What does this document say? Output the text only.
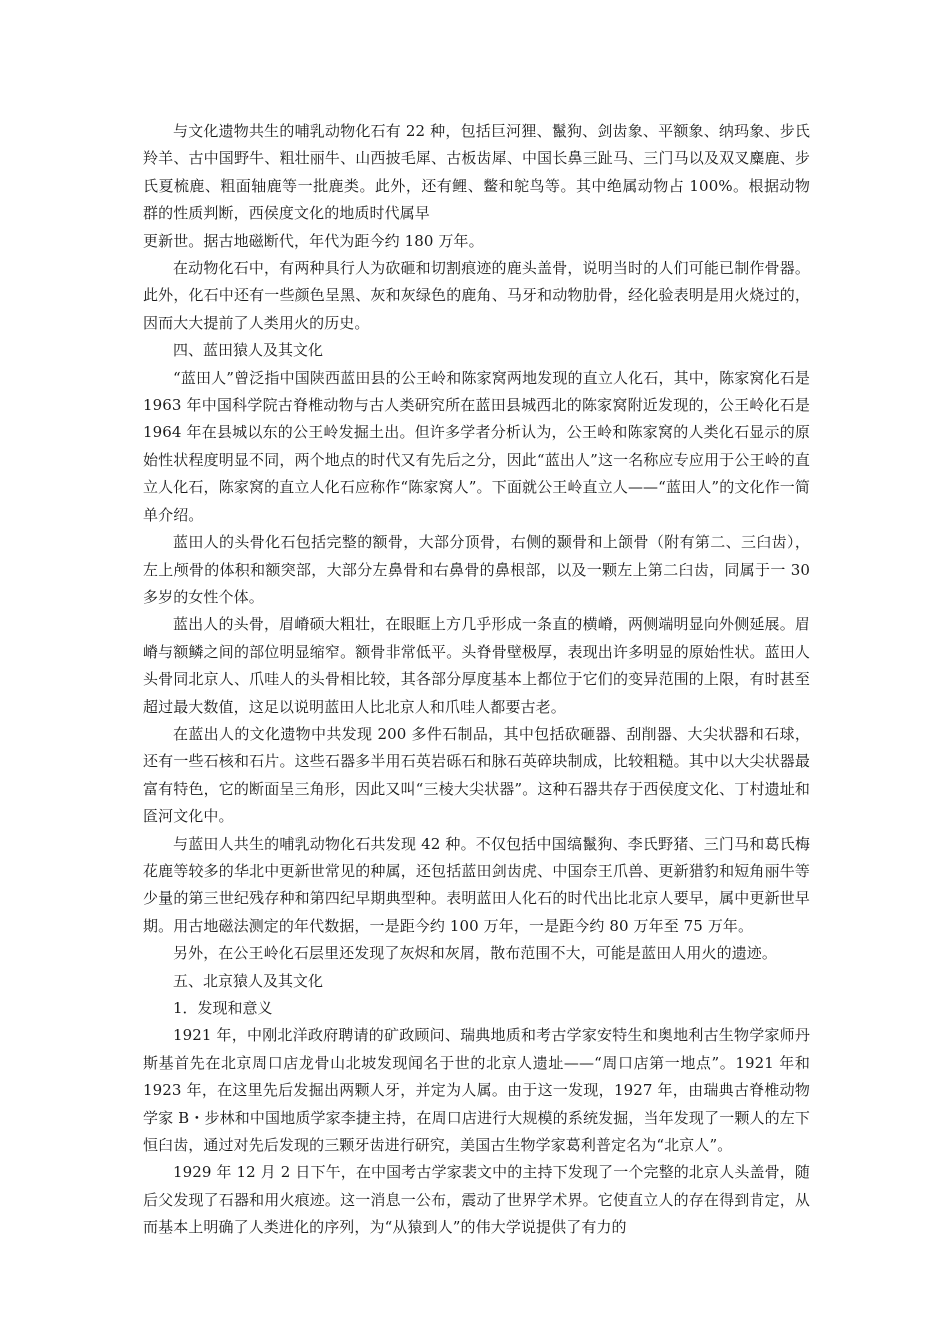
与文化遗物共生的哺乳动物化石有 22 种，包括巨河狸、鬣狗、剑齿象、平额象、纳玛象、步氏羚羊、古中国野牛、粗壮丽牛、山西披毛犀、古板齿犀、中国长鼻三趾马、三门马以及双叉麋鹿、步氏夏梳鹿、粗面轴鹿等一批鹿类。此外，还有鲤、鳖和鸵鸟等。其中绝属动物占 100%。根据动物群的性质判断，西侯度文化的地质时代属早

更新世。据古地磁断代，年代为距今约 180 万年。

在动物化石中，有两种具行人为砍砸和切割痕迹的鹿头盖骨，说明当时的人们可能已制作骨器。此外，化石中还有一些颜色呈黑、灰和灰绿色的鹿角、马牙和动物肋骨，经化验表明是用火烧过的，因而大大提前了人类用火的历史。

四、蓝田猿人及其文化

“蓝田人”曾泛指中国陕西蓝田县的公王岭和陈家窝两地发现的直立人化石，其中，陈家窝化石是 1963 年中国科学院古脊椎动物与古人类研究所在蓝田县城西北的陈家窝附近发现的，公王岭化石是 1964 年在县城以东的公王岭发掘土出。但许多学者分析认为，公王岭和陈家窝的人类化石显示的原始性状程度明显不同，两个地点的时代又有先后之分，因此“蓝出人”这一名称应专应用于公王岭的直立人化石，陈家窝的直立人化石应称作“陈家窝人”。下面就公王岭直立人——“蓝田人”的文化作一简单介绍。

蓝田人的头骨化石包括完整的额骨，大部分顶骨，右侧的颞骨和上颌骨（附有第二、三臼齿），左上颅骨的体积和额突部，大部分左鼻骨和右鼻骨的鼻根部，以及一颗左上第二臼齿，同属于一 30 多岁的女性个体。

蓝出人的头骨，眉嵴硕大粗壮，在眼眶上方几乎形成一条直的横嵴，两侧端明显向外侧延展。眉嵴与额鳞之间的部位明显缩窄。额骨非常低平。头脊骨壁极厚，表现出许多明显的原始性状。蓝田人头骨同北京人、爪哇人的头骨相比较，其各部分厚度基本上都位于它们的变异范围的上限，有时甚至超过最大数值，这足以说明蓝田人比北京人和爪哇人都要古老。

在蓝出人的文化遗物中共发现 200 多件石制品，其中包括砍砸器、刮削器、大尖状器和石球，还有一些石核和石片。这些石器多半用石英岩砾石和脉石英碎块制成，比较粗糙。其中以大尖状器最富有特色，它的断面呈三角形，因此又叫“三棱大尖状器”。这种石器共存于西侯度文化、丁村遗址和匼河文化中。

与蓝田人共生的哺乳动物化石共发现 42 种。不仅包括中国缟鬣狗、李氏野猪、三门马和葛氏梅花鹿等较多的华北中更新世常见的种属，还包括蓝田剑齿虎、中国奈王爪兽、更新猎豹和短角丽牛等少量的第三世纪残存种和第四纪早期典型种。表明蓝田人化石的时代出比北京人要早，属中更新世早期。用古地磁法测定的年代数据，一是距今约 100 万年，一是距今约 80 万年至 75 万年。

另外，在公王岭化石层里还发现了灰烬和灰屑，散布范围不大，可能是蓝田人用火的遗迹。

五、北京猿人及其文化

1．发现和意义

1921 年，中刚北洋政府聘请的矿政顾问、瑞典地质和考古学家安特生和奥地利古生物学家师丹斯基首先在北京周口店龙骨山北坡发现闻名于世的北京人遗址——“周口店第一地点”。1921 年和 1923 年，在这里先后发掘出两颗人牙，并定为人属。由于这一发现，1927 年，由瑞典古脊椎动物学家 B・步林和中国地质学家李捷主持，在周口店进行大规模的系统发掘，当年发现了一颗人的左下恒臼齿，通过对先后发现的三颗牙齿进行研究，美国古生物学家葛利普定名为“北京人”。

1929 年 12 月 2 日下午，在中国考古学家裴文中的主持下发现了一个完整的北京人头盖骨，随后父发现了石器和用火痕迹。这一消息一公布，震动了世界学术界。它使直立人的存在得到肯定，从而基本上明确了人类进化的序列，为“从猿到人”的伟大学说提供了有力的
